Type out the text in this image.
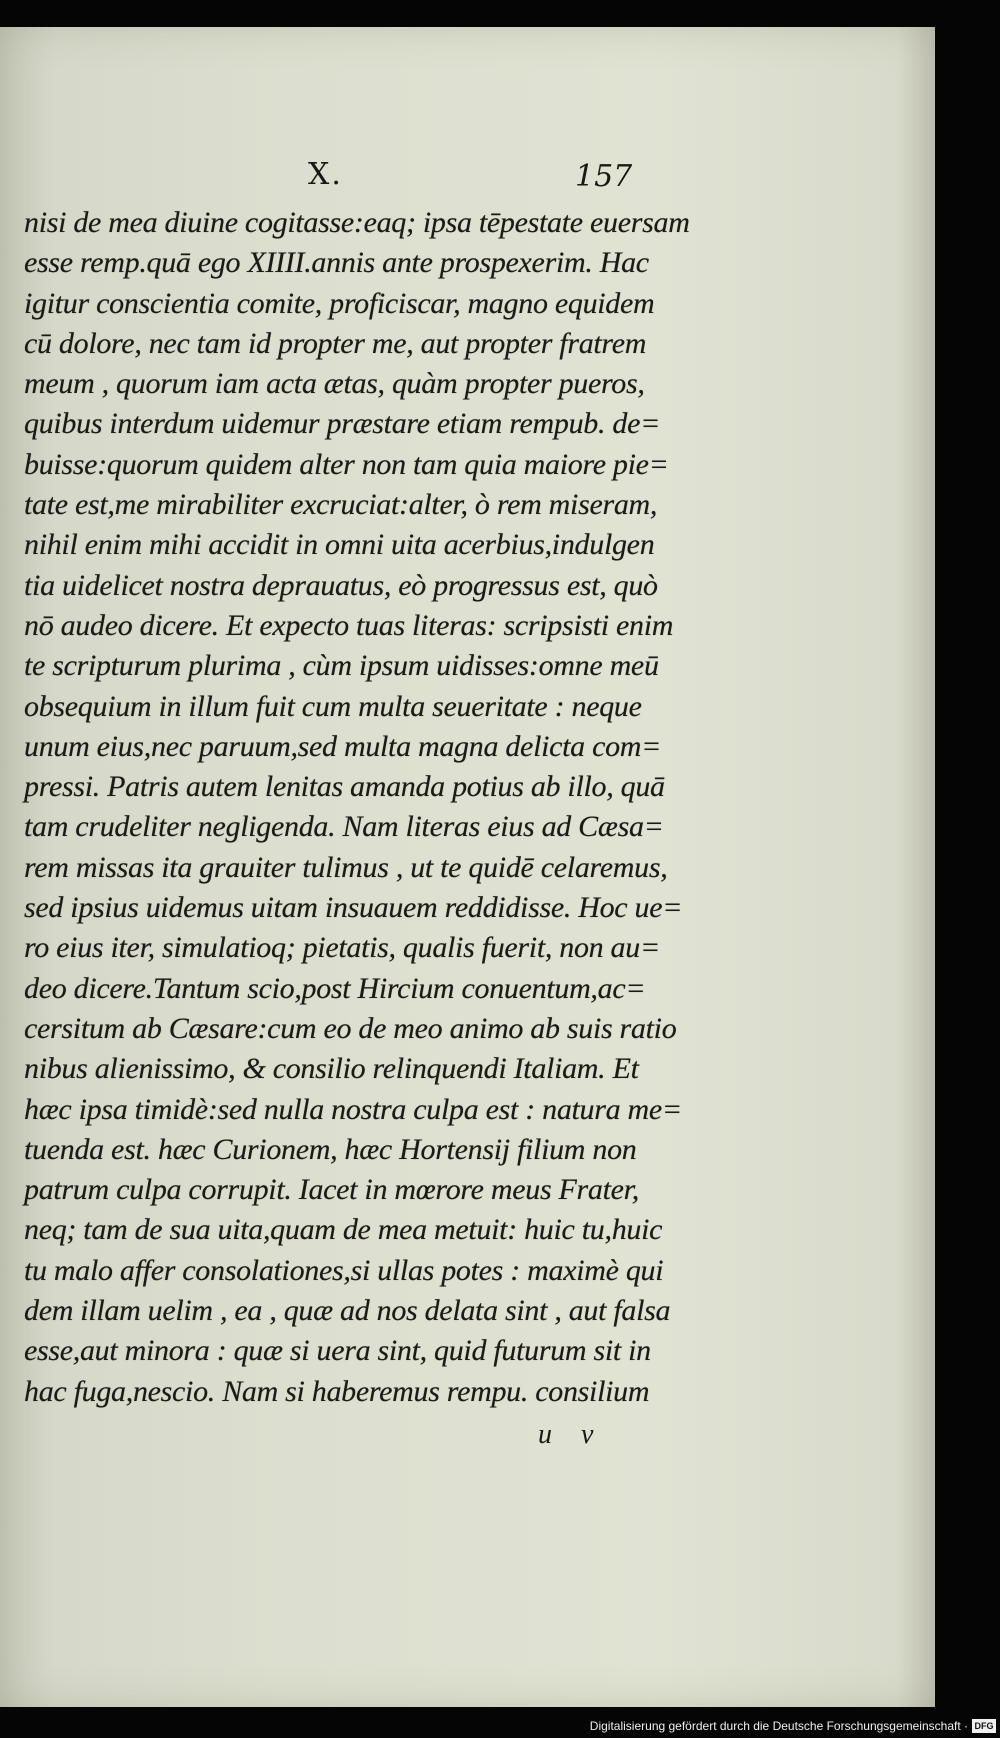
X.	157
nisi de mea diuine cogitasse:eaq; ipsa tēpestate euersam
esse remp.quā ego XIIII.annis ante prospexerim. Hac
igitur conscientia comite, proficiscar, magno equidem
cū dolore, nec tam id propter me, aut propter fratrem
meum , quorum iam acta ætas, quàm propter pueros,
quibus interdum uidemur præstare etiam rempub. de=
buisse:quorum quidem alter non tam quia maiore pie=
tate est,me mirabiliter excruciat:alter, ò rem miseram,
nihil enim mihi accidit in omni uita acerbius,indulgen
tia uidelicet nostra deprauatus, eò progressus est, quò
nō audeo dicere. Et expecto tuas literas: scripsisti enim
te scripturum plurima , cùm ipsum uidisses:omne meū
obsequium in illum fuit cum multa seueritate : neque
unum eius,nec paruum,sed multa magna delicta com=
pressi. Patris autem lenitas amanda potius ab illo, quā
tam crudeliter negligenda. Nam literas eius ad Cæsa=
rem missas ita grauiter tulimus , ut te quidē celaremus,
sed ipsius uidemus uitam insuauem reddidisse. Hoc ue=
ro eius iter, simulatioq; pietatis, qualis fuerit, non au=
deo dicere.Tantum scio,post Hircium conuentum,ac=
cersitum ab Cæsare:cum eo de meo animo ab suis ratio
nibus alienissimo, & consilio relinquendi Italiam. Et
hæc ipsa timidè:sed nulla nostra culpa est : natura me=
tuenda est. hæc Curionem, hæc Hortensij filium non
patrum culpa corrupit. Iacet in mœrore meus Frater,
neq; tam de sua uita,quam de mea metuit: huic tu,huic
tu malo affer consolationes,si ullas potes : maximè qui
dem illam uelim , ea , quæ ad nos delata sint , aut falsa
esse,aut minora : quæ si uera sint, quid futurum sit in
hac fuga,nescio. Nam si haberemus rempu. consilium
u v
Digitalisierung gefördert durch die Deutsche Forschungsgemeinschaft · DFG
